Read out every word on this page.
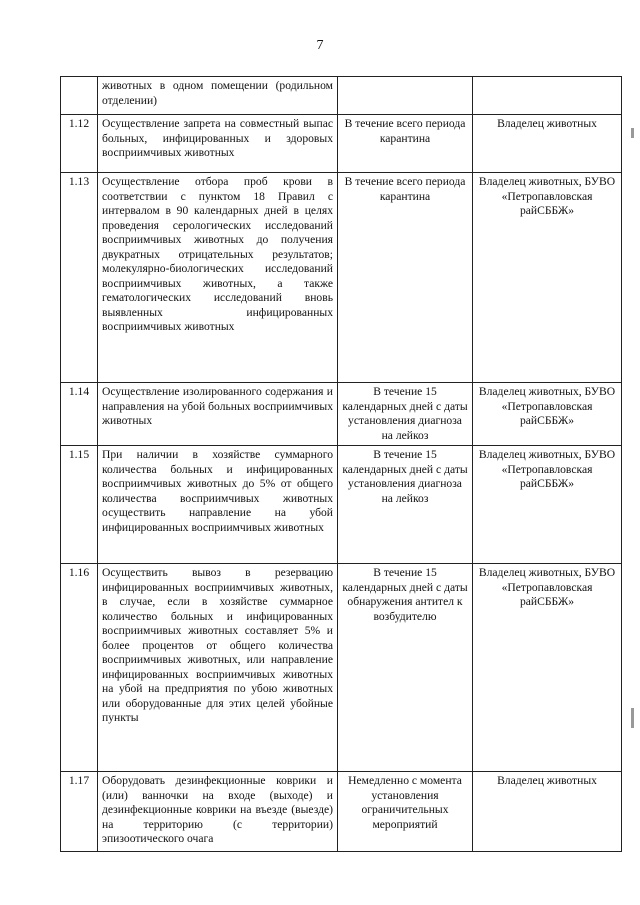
7
	животных в одном помещении (родильном отделении)		
1.12	Осуществление запрета на совместный выпас больных, инфицированных и здоровых восприимчивых животных	В течение всего периода карантина	Владелец животных
1.13	Осуществление отбора проб крови в соответствии с пунктом 18 Правил с интервалом в 90 календарных дней в целях проведения серологических исследований восприимчивых животных до получения двукратных отрицательных результатов; молекулярно-биологических исследований восприимчивых животных, а также гематологических исследований вновь выявленных инфицированных восприимчивых животных	В течение всего периода карантина	Владелец животных, БУВО «Петропавловская райСББЖ»
1.14	Осуществление изолированного содержания и направления на убой больных восприимчивых животных	В течение 15 календарных дней с даты установления диагноза на лейкоз	Владелец животных, БУВО «Петропавловская райСББЖ»
1.15	При наличии в хозяйстве суммарного количества больных и инфицированных восприимчивых животных до 5% от общего количества восприимчивых животных осуществить направление на убой инфицированных восприимчивых животных	В течение 15 календарных дней с даты установления диагноза на лейкоз	Владелец животных, БУВО «Петропавловская райСББЖ»
1.16	Осуществить вывоз в резервацию инфицированных восприимчивых животных, в случае, если в хозяйстве суммарное количество больных и инфицированных восприимчивых животных составляет 5% и более процентов от общего количества восприимчивых животных, или направление инфицированных восприимчивых животных на убой на предприятия по убою животных или оборудованные для этих целей убойные пункты	В течение 15 календарных дней с даты обнаружения антител к возбудителю	Владелец животных, БУВО «Петропавловская райСББЖ»
1.17	Оборудовать дезинфекционные коврики и (или) ванночки на входе (выходе) и дезинфекционные коврики на въезде (выезде) на территорию (с территории) эпизоотического очага	Немедленно с момента установления ограничительных мероприятий	Владелец животных
